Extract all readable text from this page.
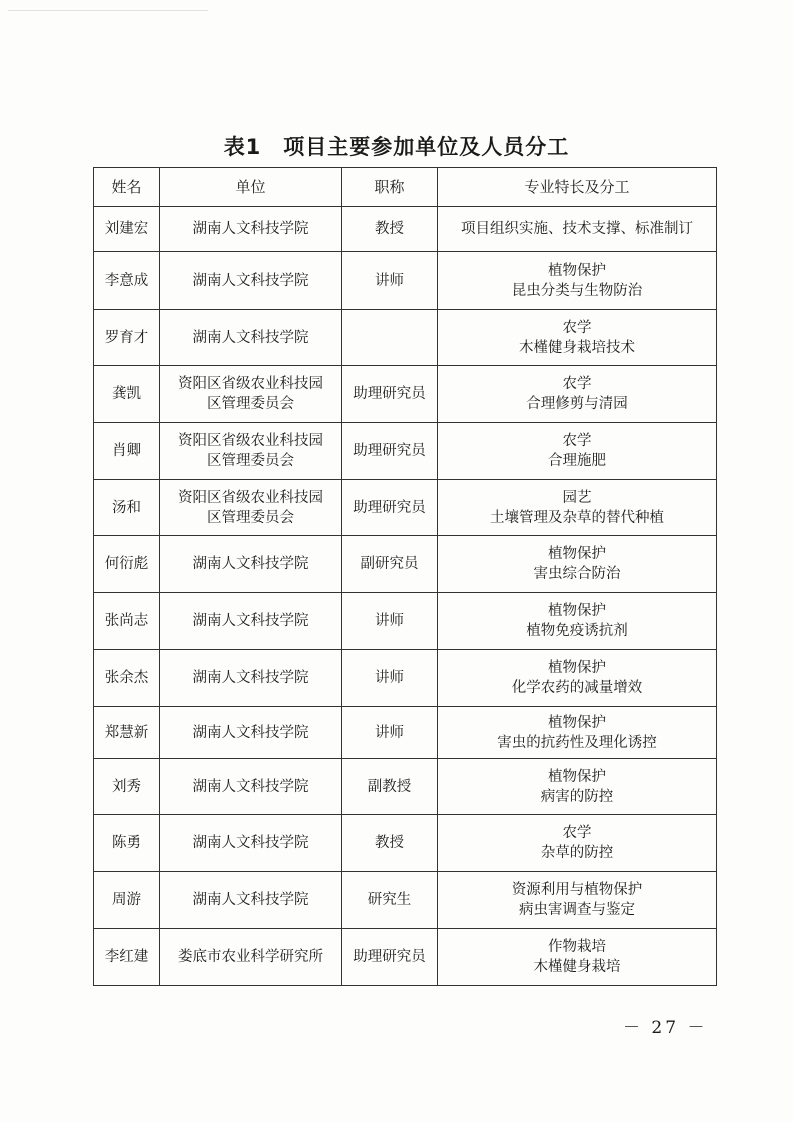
表1　项目主要参加单位及人员分工
姓名	单位	职称	专业特长及分工
刘建宏	湖南人文科技学院	教授	项目组织实施、技术支撑、标准制订

李意成	湖南人文科技学院	讲师	植物保护
昆虫分类与生物防治

罗育才	湖南人文科技学院		农学
木槿健身栽培技术

龚凯	资阳区省级农业科技园
区管理委员会	助理研究员	农学
合理修剪与清园

肖卿	资阳区省级农业科技园
区管理委员会	助理研究员	农学
合理施肥

汤和	资阳区省级农业科技园
区管理委员会	助理研究员	园艺
土壤管理及杂草的替代种植

何衍彪	湖南人文科技学院	副研究员	植物保护
害虫综合防治

张尚志	湖南人文科技学院	讲师	植物保护
植物免疫诱抗剂

张余杰	湖南人文科技学院	讲师	植物保护
化学农药的减量增效

郑慧新	湖南人文科技学院	讲师	植物保护
害虫的抗药性及理化诱控

刘秀	湖南人文科技学院	副教授	植物保护
病害的防控

陈勇	湖南人文科技学院	教授	农学
杂草的防控

周游	湖南人文科技学院	研究生	资源利用与植物保护
病虫害调查与鉴定

李红建	娄底市农业科学研究所	助理研究员	作物栽培
木槿健身栽培
－ 27 －
